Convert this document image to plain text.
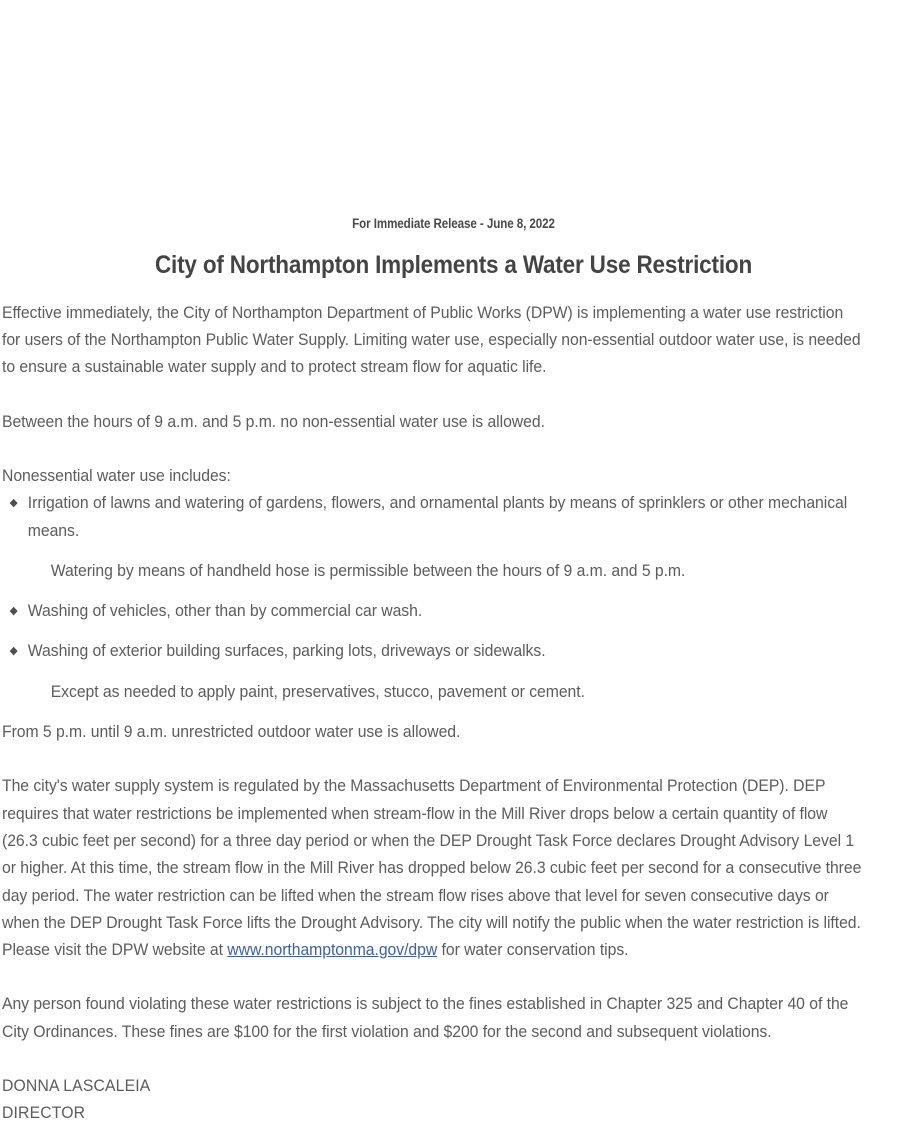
For Immediate Release - June 8, 2022
City of Northampton Implements a Water Use Restriction

Effective immediately, the City of Northampton Department of Public Works (DPW) is implementing a water use restriction for users of the Northampton Public Water Supply. Limiting water use, especially non-essential outdoor water use, is needed to ensure a sustainable water supply and to protect stream flow for aquatic life.

Between the hours of 9 a.m. and 5 p.m. no non-essential water use is allowed.

Nonessential water use includes:

◆ Irrigation of lawns and watering of gardens, flowers, and ornamental plants by means of sprinklers or other mechanical means.

Watering by means of handheld hose is permissible between the hours of 9 a.m. and 5 p.m.

◆ Washing of vehicles, other than by commercial car wash.
◆ Washing of exterior building surfaces, parking lots, driveways or sidewalks.

Except as needed to apply paint, preservatives, stucco, pavement or cement.

From 5 p.m. until 9 a.m. unrestricted outdoor water use is allowed.

The city's water supply system is regulated by the Massachusetts Department of Environmental Protection (DEP). DEP requires that water restrictions be implemented when stream-flow in the Mill River drops below a certain quantity of flow (26.3 cubic feet per second) for a three day period or when the DEP Drought Task Force declares Drought Advisory Level 1 or higher. At this time, the stream flow in the Mill River has dropped below 26.3 cubic feet per second for a consecutive three day period. The water restriction can be lifted when the stream flow rises above that level for seven consecutive days or when the DEP Drought Task Force lifts the Drought Advisory. The city will notify the public when the water restriction is lifted. Please visit the DPW website at www.northamptonma.gov/dpw for water conservation tips.

Any person found violating these water restrictions is subject to the fines established in Chapter 325 and Chapter 40 of the City Ordinances. These fines are $100 for the first violation and $200 for the second and subsequent violations.

DONNA LASCALEIA

DIRECTOR
